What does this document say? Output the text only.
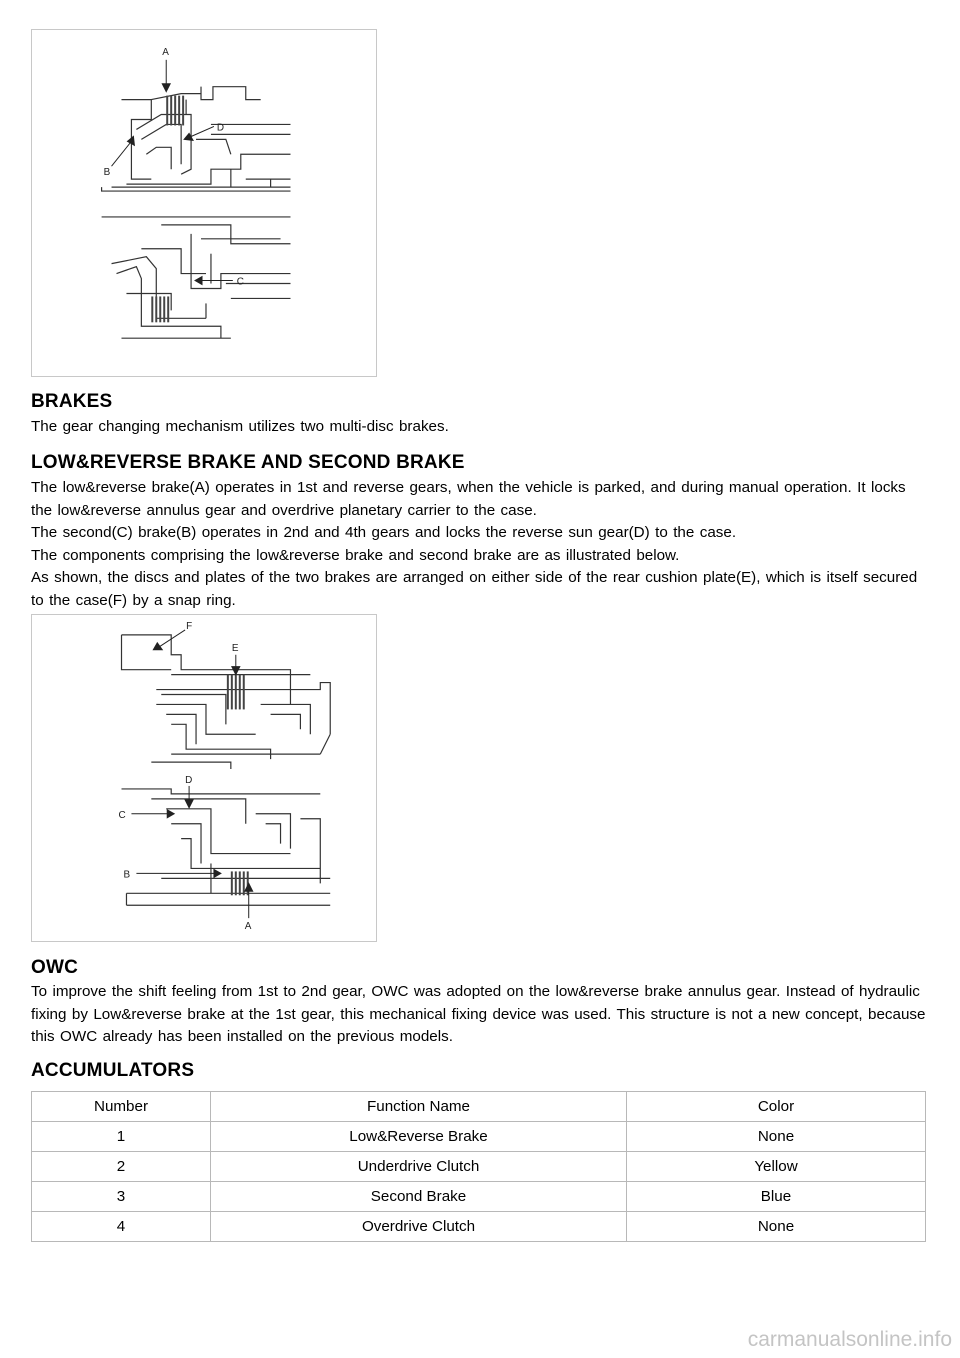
A
D
B
C
BRAKES

The gear changing mechanism utilizes two multi-disc brakes.

LOW&REVERSE BRAKE AND SECOND BRAKE

The low&reverse brake(A) operates in 1st and reverse gears, when the vehicle is parked, and during manual operation. It locks the low&reverse annulus gear and overdrive planetary carrier to the case.

The second(C) brake(B) operates in 2nd and 4th gears and locks the reverse sun gear(D) to the case.

The components comprising the low&reverse brake and second brake are as illustrated below.

As shown, the discs and plates of the two brakes are arranged on either side of the rear cushion plate(E), which is itself secured to the case(F) by a snap ring.

F
E
D
C
B
A
OWC

To improve the shift feeling from 1st to 2nd gear, OWC was adopted on the low&reverse brake annulus gear. Instead of hydraulic fixing by Low&reverse brake at the 1st gear, this mechanical fixing device was used. This structure is not a new concept, because this OWC already has been installed on the previous models.

ACCUMULATORS
Number	Function Name	Color
1	Low&Reverse Brake	None
2	Underdrive Clutch	Yellow
3	Second Brake	Blue
4	Overdrive Clutch	None
carmanualsonline.info
